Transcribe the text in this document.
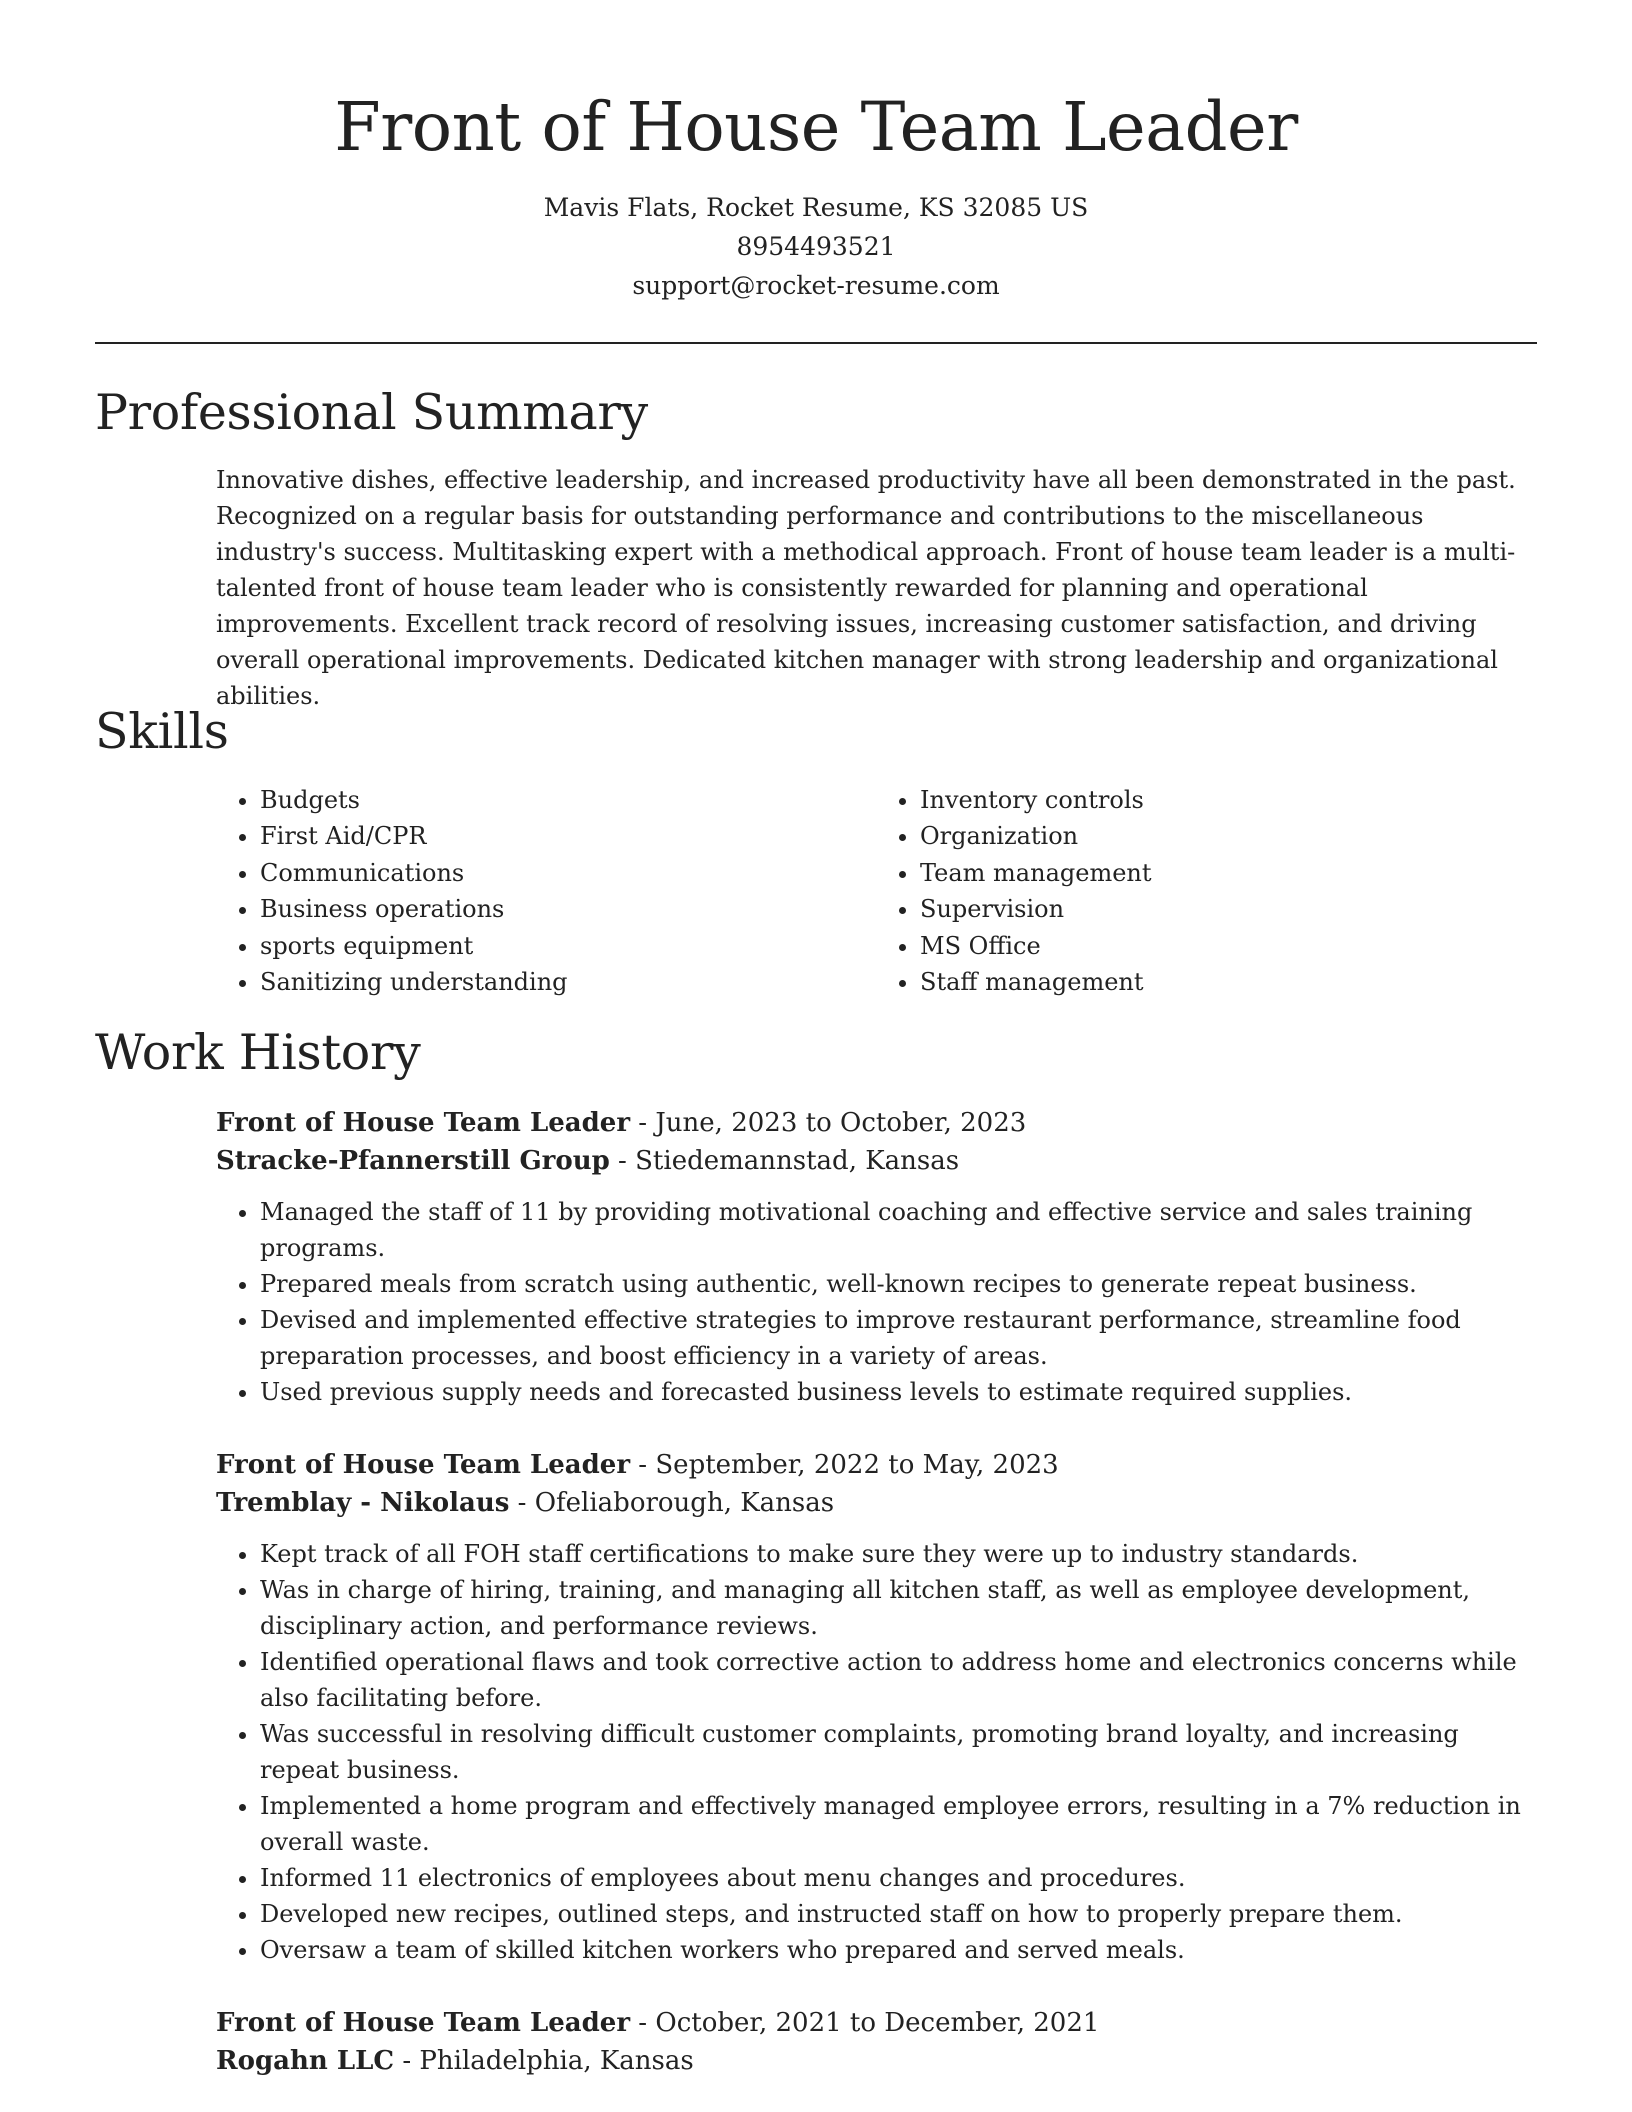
Front of House Team Leader
Mavis Flats, Rocket Resume, KS 32085 US
8954493521
support@rocket-resume.com
Professional Summary

Innovative dishes, effective leadership, and increased productivity have all been demonstrated in the past. Recognized on a regular basis for outstanding performance and contributions to the miscellaneous industry's success. Multitasking expert with a methodical approach. Front of house team leader is a multi-talented front of house team leader who is consistently rewarded for planning and operational improvements. Excellent track record of resolving issues, increasing customer satisfaction, and driving overall operational improvements. Dedicated kitchen manager with strong leadership and organizational abilities.

Skills
• Budgets
• First Aid/CPR
• Communications
• Business operations
• sports equipment
• Sanitizing understanding
• Inventory controls
• Organization
• Team management
• Supervision
• MS Office
• Staff management
Work History

Front of House Team Leader - June, 2023 to October, 2023

Stracke-Pfannerstill Group - Stiedemannstad, Kansas

• Managed the staff of 11 by providing motivational coaching and effective service and sales training programs.
• Prepared meals from scratch using authentic, well-known recipes to generate repeat business.
• Devised and implemented effective strategies to improve restaurant performance, streamline food preparation processes, and boost efficiency in a variety of areas.
• Used previous supply needs and forecasted business levels to estimate required supplies.

Front of House Team Leader - September, 2022 to May, 2023

Tremblay - Nikolaus - Ofeliaborough, Kansas

• Kept track of all FOH staff certifications to make sure they were up to industry standards.
• Was in charge of hiring, training, and managing all kitchen staff, as well as employee development, disciplinary action, and performance reviews.
• Identified operational flaws and took corrective action to address home and electronics concerns while also facilitating before.
• Was successful in resolving difficult customer complaints, promoting brand loyalty, and increasing repeat business.
• Implemented a home program and effectively managed employee errors, resulting in a 7% reduction in overall waste.
• Informed 11 electronics of employees about menu changes and procedures.
• Developed new recipes, outlined steps, and instructed staff on how to properly prepare them.
• Oversaw a team of skilled kitchen workers who prepared and served meals.

Front of House Team Leader - October, 2021 to December, 2021

Rogahn LLC - Philadelphia, Kansas
